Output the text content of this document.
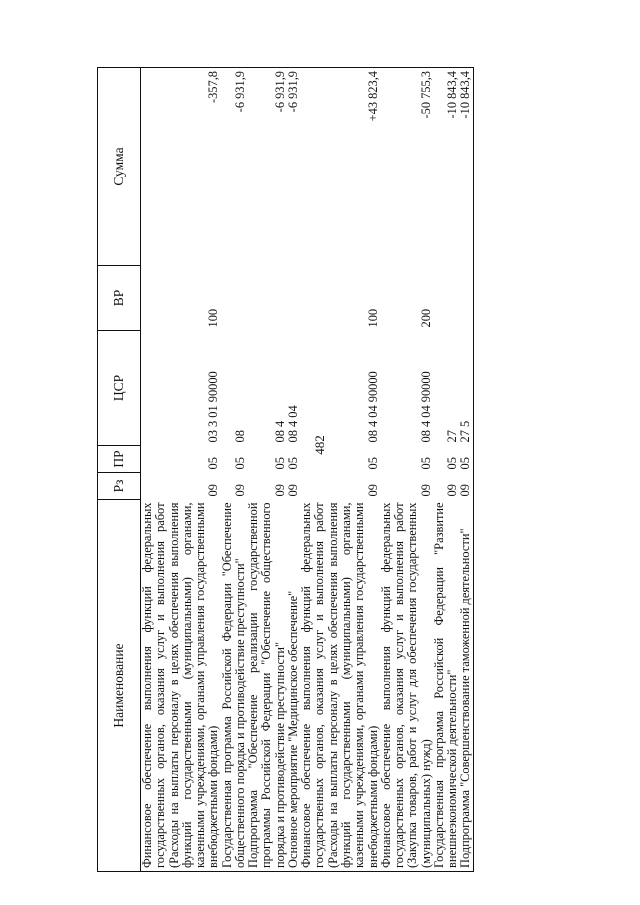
482
Наименование	Рз	ПР	ЦСР	ВР	Сумма
Финансовое обеспечение выполнения функций федеральных государственных органов, оказания услуг и выполнения работ (Расходы на выплаты персоналу в целях обеспечения выполнения функций государственными (муниципальными) органами, казенными учреждениями, органами управления государственными внебюджетными фондами)	09	05	03 3 01 90000	100	-357,8
Государственная программа Российской Федерации "Обеспечение общественного порядка и противодействие преступности"	09	05	08		-6 931,9
Подпрограмма "Обеспечение реализации государственной программы Российской Федерации "Обеспечение общественного порядка и противодействие преступности"	09	05	08 4		-6 931,9
Основное мероприятие "Медицинское обеспечение"	09	05	08 4 04		-6 931,9
Финансовое обеспечение выполнения функций федеральных государственных органов, оказания услуг и выполнения работ (Расходы на выплаты персоналу в целях обеспечения выполнения функций государственными (муниципальными) органами, казенными учреждениями, органами управления государственными внебюджетными фондами)	09	05	08 4 04 90000	100	+43 823,4
Финансовое обеспечение выполнения функций федеральных государственных органов, оказания услуг и выполнения работ (Закупка товаров, работ и услуг для обеспечения государственных (муниципальных) нужд)	09	05	08 4 04 90000	200	-50 755,3
Государственная программа Российской Федерации "Развитие внешнеэкономической деятельности"	09	05	27		-10 843,4
Подпрограмма "Совершенствование таможенной деятельности"	09	05	27 5		-10 843,4
